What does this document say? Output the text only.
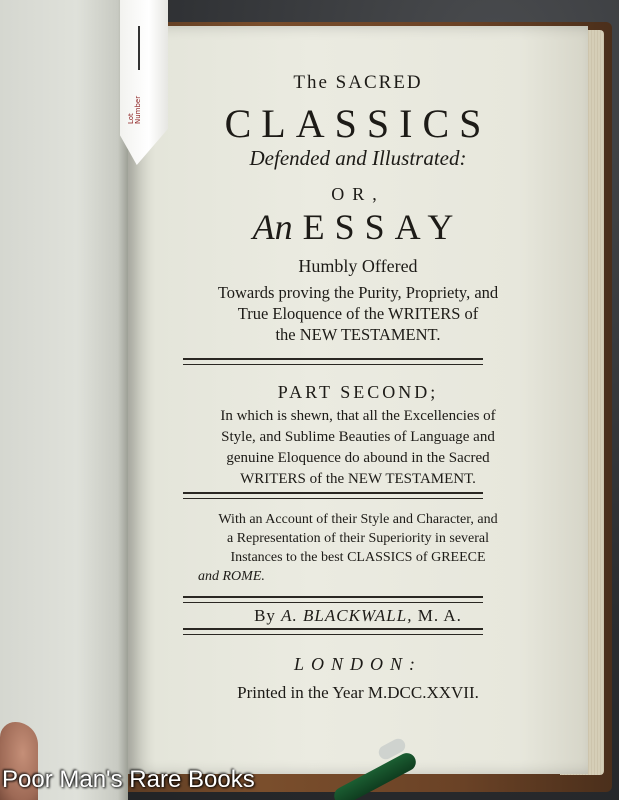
Lot Number
The SACRED
CLASSICS
Defended and Illustrated:
OR,
An ESSAY
Humbly Offered
Towards proving the Purity, Propriety, and
True Eloquence of the WRITERS of
the NEW TESTAMENT.
PART SECOND;
In which is shewn, that all the Excellencies of
Style, and Sublime Beauties of Language and
genuine Eloquence do abound in the Sacred
WRITERS of the NEW TESTAMENT.
With an Account of their Style and Character, and
a Representation of their Superiority in several
Instances to the best CLASSICS of GREECE
and ROME.
By A. BLACKWALL, M. A.
LONDON:
Printed in the Year M.DCC.XXVII.
Poor Man's Rare Books
